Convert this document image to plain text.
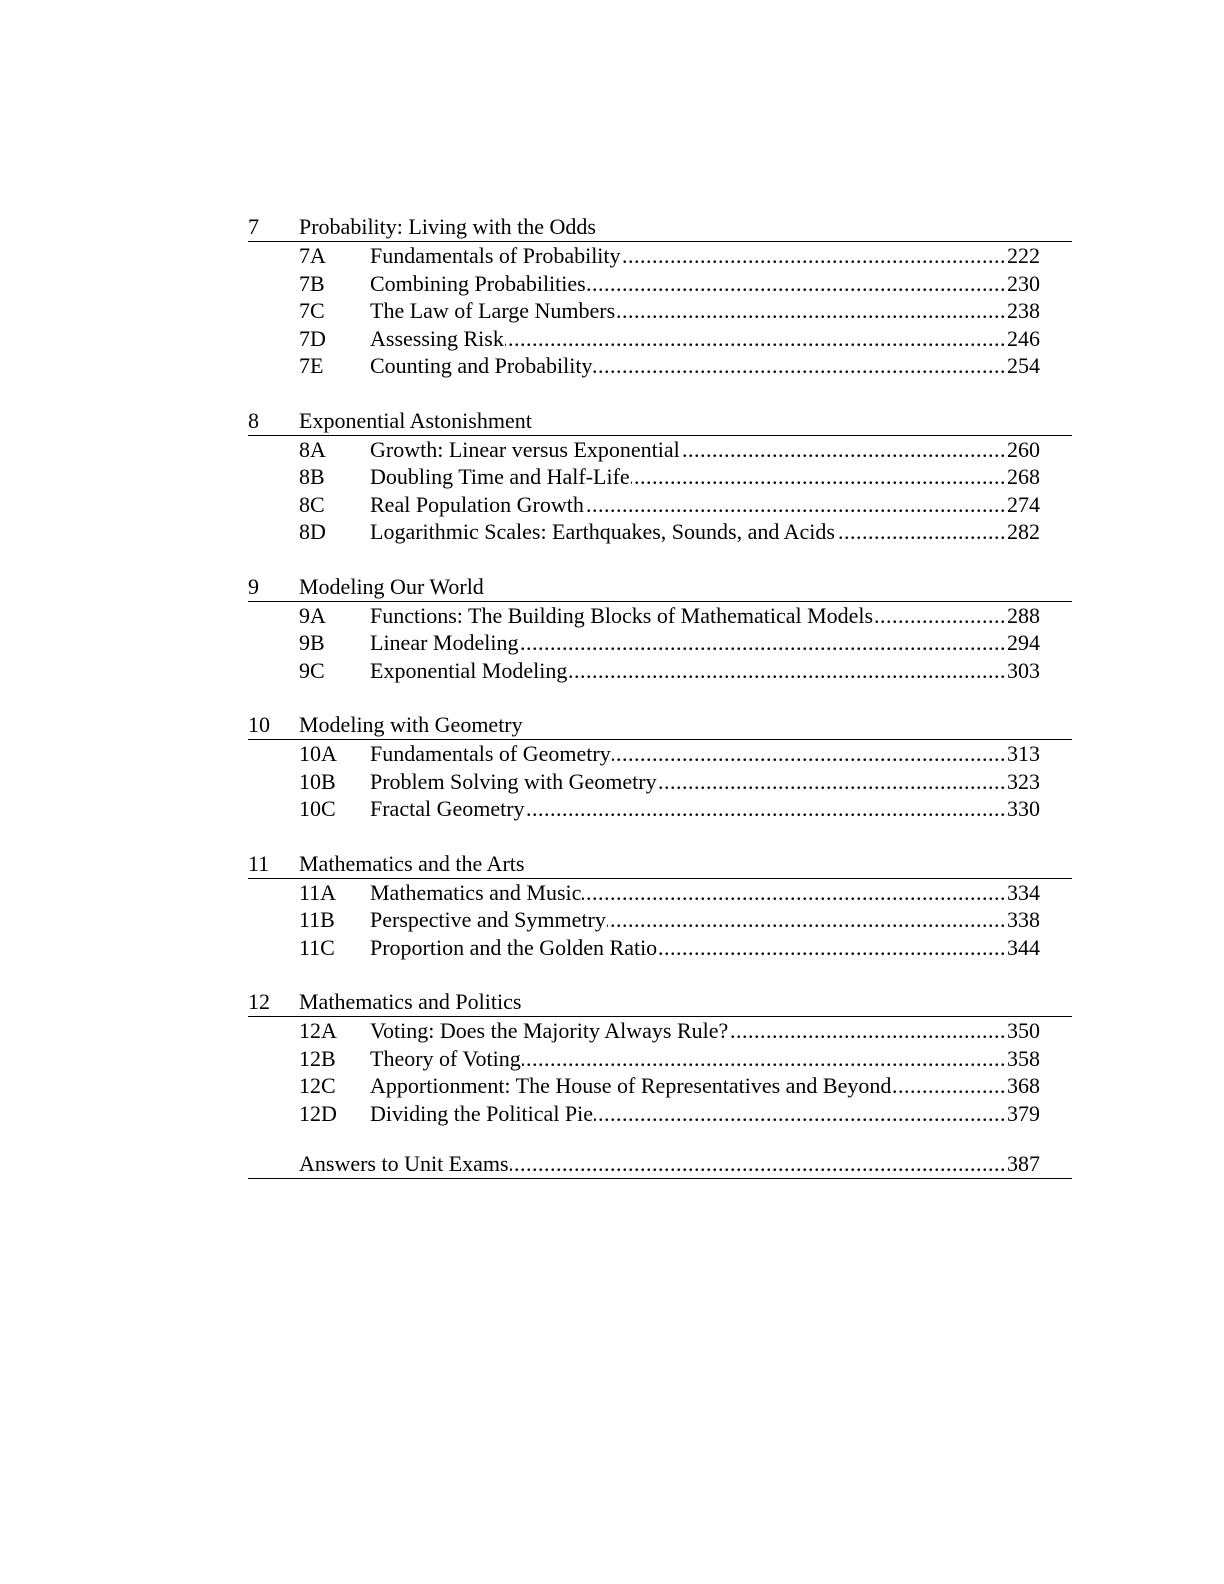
7	Probability: Living with the Odds
7A	Fundamentals of Probability .....	222
7B	Combining Probabilities .....	230
7C	The Law of Large Numbers .....	238
7D	Assessing Risk .....	246
7E	Counting and Probability .....	254
8	Exponential Astonishment
8A	Growth: Linear versus Exponential .....	260
8B	Doubling Time and Half-Life .....	268
8C	Real Population Growth .....	274
8D	Logarithmic Scales: Earthquakes, Sounds, and Acids .....	282
9	Modeling Our World
9A	Functions: The Building Blocks of Mathematical Models .....	288
9B	Linear Modeling .....	294
9C	Exponential Modeling .....	303
10	Modeling with Geometry
10A	Fundamentals of Geometry .....	313
10B	Problem Solving with Geometry .....	323
10C	Fractal Geometry .....	330
11	Mathematics and the Arts
11A	Mathematics and Music .....	334
11B	Perspective and Symmetry .....	338
11C	Proportion and the Golden Ratio .....	344
12	Mathematics and Politics
12A	Voting: Does the Majority Always Rule? .....	350
12B	Theory of Voting .....	358
12C	Apportionment: The House of Representatives and Beyond .....	368
12D	Dividing the Political Pie .....	379
Answers to Unit Exams .....	387
